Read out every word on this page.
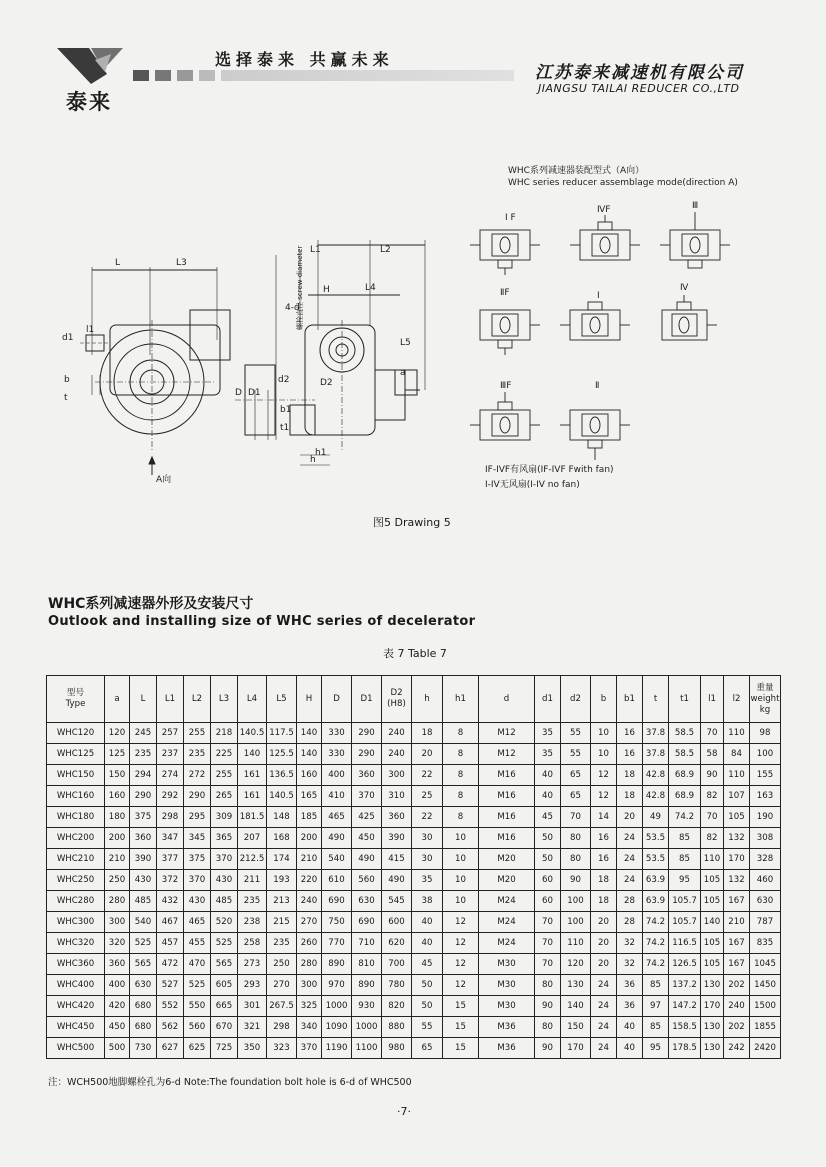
泰来
选择泰来 共赢未来
江苏泰来减速机有限公司
JIANGSU TAILAI REDUCER CO.,LTD
L	L3
L1	L2
H	L4
d1
l1
b
t	D D1
d2	D2
b1
t1
h
h1
L5
a
4-d
螺栓直径 screw diameter
A向
WHC系列减速器装配型式（A向）
WHC series reducer assemblage mode(direction A)
I F
ⅣF	Ⅲ
ⅡF	I
Ⅳ
ⅢF	Ⅱ
IF-IVF有风扇(IF-IVF Fwith fan)
I-IV无风扇(I-IV no fan)
图5 Drawing 5
WHC系列减速器外形及安装尺寸
Outlook and installing size of WHC series of decelerator
表 7 Table 7
型号
Type	a	L	L1	L2	L3	L4	L5	H	D	D1	D2
(H8)	h	h1	d	d1	d2	b	b1	t	t1	l1	l2	重量
weight
kg
WHC120	120	245	257	255	218	140.5	117.5	140	330	290	240	18	8	M12	35	55	10	16	37.8	58.5	70	110	98
WHC125	125	235	237	235	225	140	125.5	140	330	290	240	20	8	M12	35	55	10	16	37.8	58.5	58	84	100
WHC150	150	294	274	272	255	161	136.5	160	400	360	300	22	8	M16	40	65	12	18	42.8	68.9	90	110	155
WHC160	160	290	292	290	265	161	140.5	165	410	370	310	25	8	M16	40	65	12	18	42.8	68.9	82	107	163
WHC180	180	375	298	295	309	181.5	148	185	465	425	360	22	8	M16	45	70	14	20	49	74.2	70	105	190
WHC200	200	360	347	345	365	207	168	200	490	450	390	30	10	M16	50	80	16	24	53.5	85	82	132	308
WHC210	210	390	377	375	370	212.5	174	210	540	490	415	30	10	M20	50	80	16	24	53.5	85	110	170	328
WHC250	250	430	372	370	430	211	193	220	610	560	490	35	10	M20	60	90	18	24	63.9	95	105	132	460
WHC280	280	485	432	430	485	235	213	240	690	630	545	38	10	M24	60	100	18	28	63.9	105.7	105	167	630
WHC300	300	540	467	465	520	238	215	270	750	690	600	40	12	M24	70	100	20	28	74.2	105.7	140	210	787
WHC320	320	525	457	455	525	258	235	260	770	710	620	40	12	M24	70	110	20	32	74.2	116.5	105	167	835
WHC360	360	565	472	470	565	273	250	280	890	810	700	45	12	M30	70	120	20	32	74.2	126.5	105	167	1045
WHC400	400	630	527	525	605	293	270	300	970	890	780	50	12	M30	80	130	24	36	85	137.2	130	202	1450
WHC420	420	680	552	550	665	301	267.5	325	1000	930	820	50	15	M30	90	140	24	36	97	147.2	170	240	1500
WHC450	450	680	562	560	670	321	298	340	1090	1000	880	55	15	M36	80	150	24	40	85	158.5	130	202	1855
WHC500	500	730	627	625	725	350	323	370	1190	1100	980	65	15	M36	90	170	24	40	95	178.5	130	242	2420
注：WCH500地脚螺栓孔为6-d Note:The foundation bolt hole is 6-d of WHC500
·7·
